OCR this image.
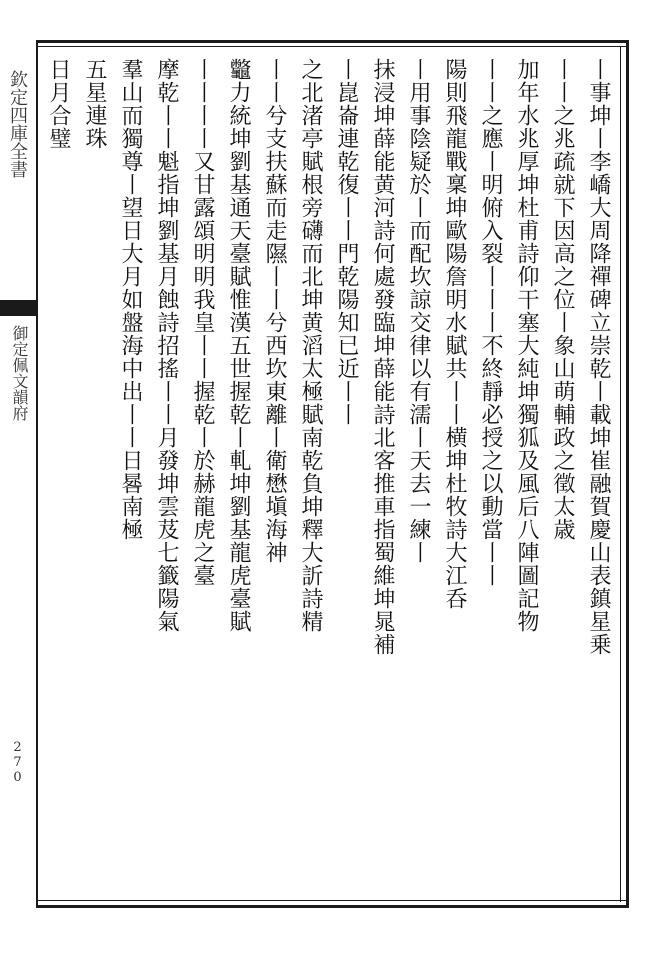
欽定四庫全書
御定佩文韻府
270
丨事坤丨李嶠大周降禪碑立崇乾丨載坤崔融賀慶山表鎮星乗
丨丨之兆疏就下因高之位丨象山萌輔政之徵太歳
加年水兆厚坤杜甫詩仰干塞大純坤獨狐及風后八陣圖記物
丨丨之應丨明俯入裂丨丨丨不終靜必授之以動當丨丨
陽則飛龍戰稟坤歐陽詹明水賦共丨丨横坤杜牧詩大江呑
丨用事陰疑於丨而配坎諒交律以有濡丨天去一練丨
抹浸坤薛能黄河詩何處發臨坤薛能詩北客推車指蜀維坤晁補
丨崑崙連乾復丨丨門乾陽知已近丨丨
之北渚亭賦根旁礴而北坤黄滔太極賦南乾負坤釋大訢詩精
丨丨兮支扶蘇而走隰丨丨兮西坎東離丨衛懋塡海神
龞力統坤劉基通天臺賦惟漢五世握乾丨軋坤劉基龍虎臺賦
丨丨丨丨又甘露頌明明我皇丨丨握乾丨於赫龍虎之臺
摩乾丨丨魁指坤劉基月蝕詩招搖丨丨月發坤雲芨七籤陽氣
羣山而獨尊丨望日大月如盤海中出丨丨日晷南極
五星連珠
日月合璧
